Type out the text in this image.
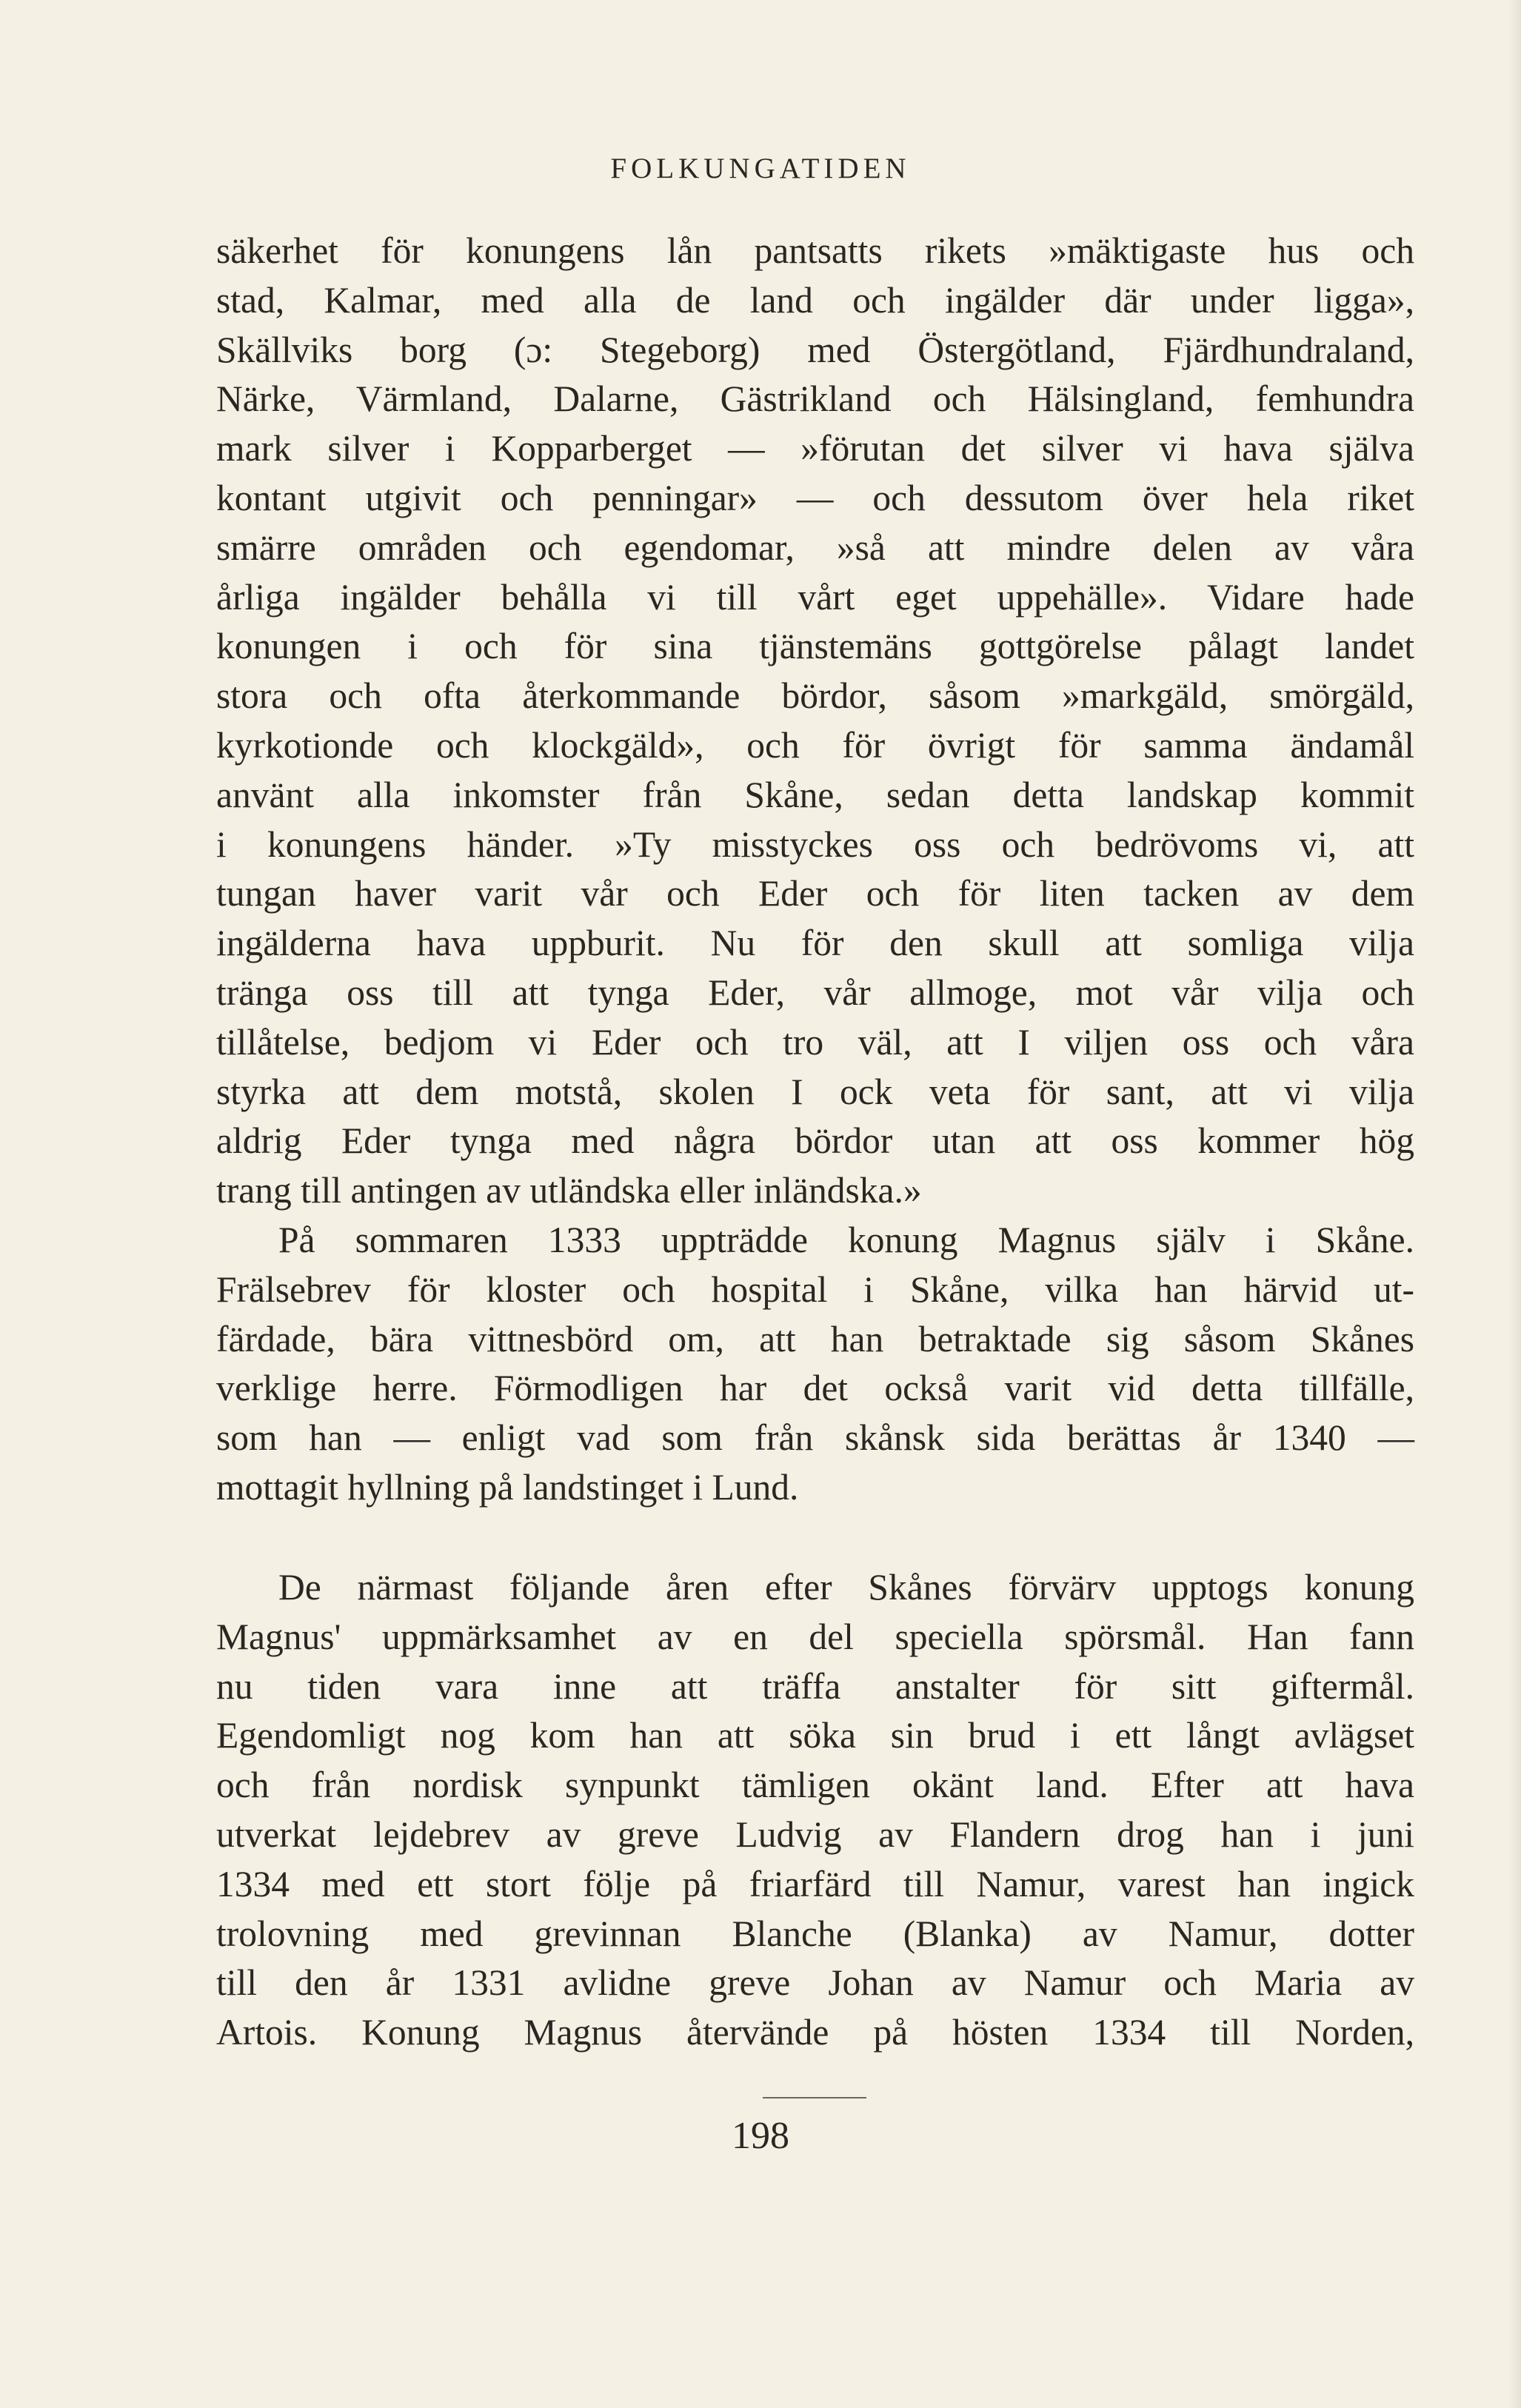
FOLKUNGATIDEN
säkerhet för konungens lån pantsatts rikets »mäktigaste hus och
stad, Kalmar, med alla de land och ingälder där under ligga»,
Skällviks borg (ɔ: Stegeborg) med Östergötland, Fjärdhundraland,
Närke, Värmland, Dalarne, Gästrikland och Hälsingland, femhundra
mark silver i Kopparberget — »förutan det silver vi hava själva
kontant utgivit och penningar» — och dessutom över hela riket
smärre områden och egendomar, »så att mindre delen av våra
årliga ingälder behålla vi till vårt eget uppehälle». Vidare hade
konungen i och för sina tjänstemäns gottgörelse pålagt landet
stora och ofta återkommande bördor, såsom »markgäld, smörgäld,
kyrkotionde och klockgäld», och för övrigt för samma ändamål
använt alla inkomster från Skåne, sedan detta landskap kommit
i konungens händer. »Ty misstyckes oss och bedrövoms vi, att
tungan haver varit vår och Eder och för liten tacken av dem
ingälderna hava uppburit. Nu för den skull att somliga vilja
tränga oss till att tynga Eder, vår allmoge, mot vår vilja och
tillåtelse, bedjom vi Eder och tro väl, att I viljen oss och våra
styrka att dem motstå, skolen I ock veta för sant, att vi vilja
aldrig Eder tynga med några bördor utan att oss kommer hög
trang till antingen av utländska eller inländska.»
På sommaren 1333 uppträdde konung Magnus själv i Skåne.
Frälsebrev för kloster och hospital i Skåne, vilka han härvid ut-
färdade, bära vittnesbörd om, att han betraktade sig såsom Skånes
verklige herre. Förmodligen har det också varit vid detta tillfälle,
som han — enligt vad som från skånsk sida berättas år 1340 —
mottagit hyllning på landstinget i Lund.
De närmast följande åren efter Skånes förvärv upptogs konung
Magnus' uppmärksamhet av en del speciella spörsmål. Han fann
nu tiden vara inne att träffa anstalter för sitt giftermål.
Egendomligt nog kom han att söka sin brud i ett långt avlägset
och från nordisk synpunkt tämligen okänt land. Efter att hava
utverkat lejdebrev av greve Ludvig av Flandern drog han i juni
1334 med ett stort följe på friarfärd till Namur, varest han ingick
trolovning med grevinnan Blanche (Blanka) av Namur, dotter
till den år 1331 avlidne greve Johan av Namur och Maria av
Artois. Konung Magnus återvände på hösten 1334 till Norden,
198
